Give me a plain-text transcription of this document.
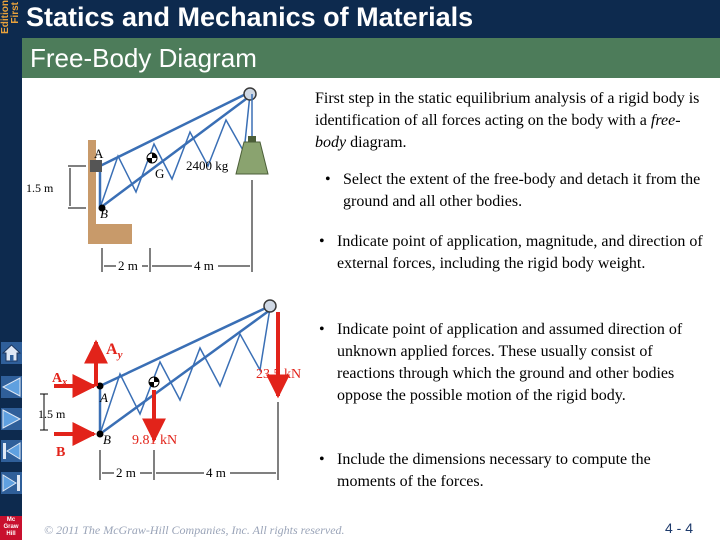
First
Edition Statics and Mechanics of Materials
Free-Body Diagram
Mc
Graw
Hill
A
B
G
2400 kg
1.5 m
2 m	4 m
$A_y$
$A_x$
B
23.5 kN
9.81 kN
A
B
1.5 m
2 m	4 m

First step in the static equilibrium analysis of a rigid body is identification of all forces acting on the body with a free-body diagram.

• Select the extent of the free-body and detach it from the ground and all other bodies.
• Indicate point of application, magnitude, and direction of external forces, including the rigid body weight.
• Indicate point of application and assumed direction of unknown applied forces. These usually consist of reactions through which the ground and other bodies oppose the possible motion of the rigid body.
• Include the dimensions necessary to compute the moments of the forces.
© 2011 The McGraw-Hill Companies, Inc. All rights reserved.	4 - 4
